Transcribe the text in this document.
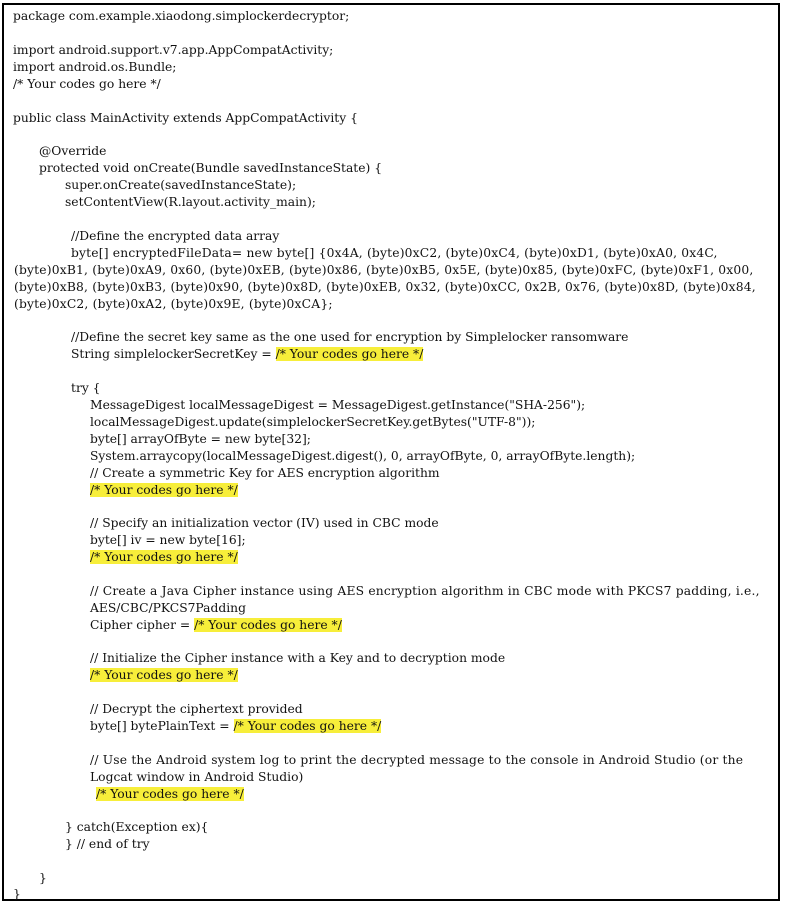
package com.example.xiaodong.simplockerdecryptor;
import android.support.v7.app.AppCompatActivity;
import android.os.Bundle;
/* Your codes go here */
public class MainActivity extends AppCompatActivity {
@Override
protected void onCreate(Bundle savedInstanceState) {
super.onCreate(savedInstanceState);
setContentView(R.layout.activity_main);
//Define the encrypted data array
byte[] encryptedFileData= new byte[] {0x4A, (byte)0xC2, (byte)0xC4, (byte)0xD1, (byte)0xA0, 0x4C,
(byte)0xB1, (byte)0xA9, 0x60, (byte)0xEB, (byte)0x86, (byte)0xB5, 0x5E, (byte)0x85, (byte)0xFC, (byte)0xF1, 0x00,
(byte)0xB8, (byte)0xB3, (byte)0x90, (byte)0x8D, (byte)0xEB, 0x32, (byte)0xCC, 0x2B, 0x76, (byte)0x8D, (byte)0x84,
(byte)0xC2, (byte)0xA2, (byte)0x9E, (byte)0xCA};
//Define the secret key same as the one used for encryption by Simplelocker ransomware
String simplelockerSecretKey = /* Your codes go here */
try {
MessageDigest localMessageDigest = MessageDigest.getInstance("SHA-256");
localMessageDigest.update(simplelockerSecretKey.getBytes("UTF-8"));
byte[] arrayOfByte = new byte[32];
System.arraycopy(localMessageDigest.digest(), 0, arrayOfByte, 0, arrayOfByte.length);
// Create a symmetric Key for AES encryption algorithm
/* Your codes go here */
// Specify an initialization vector (IV) used in CBC mode
byte[] iv = new byte[16];
/* Your codes go here */
// Create a Java Cipher instance using AES encryption algorithm in CBC mode with PKCS7 padding, i.e.,
AES/CBC/PKCS7Padding
Cipher cipher = /* Your codes go here */
// Initialize the Cipher instance with a Key and to decryption mode
/* Your codes go here */
// Decrypt the ciphertext provided
byte[] bytePlainText = /* Your codes go here */
// Use the Android system log to print the decrypted message to the console in Android Studio (or the
Logcat window in Android Studio)
/* Your codes go here */
} catch(Exception ex){
} // end of try
}
}
